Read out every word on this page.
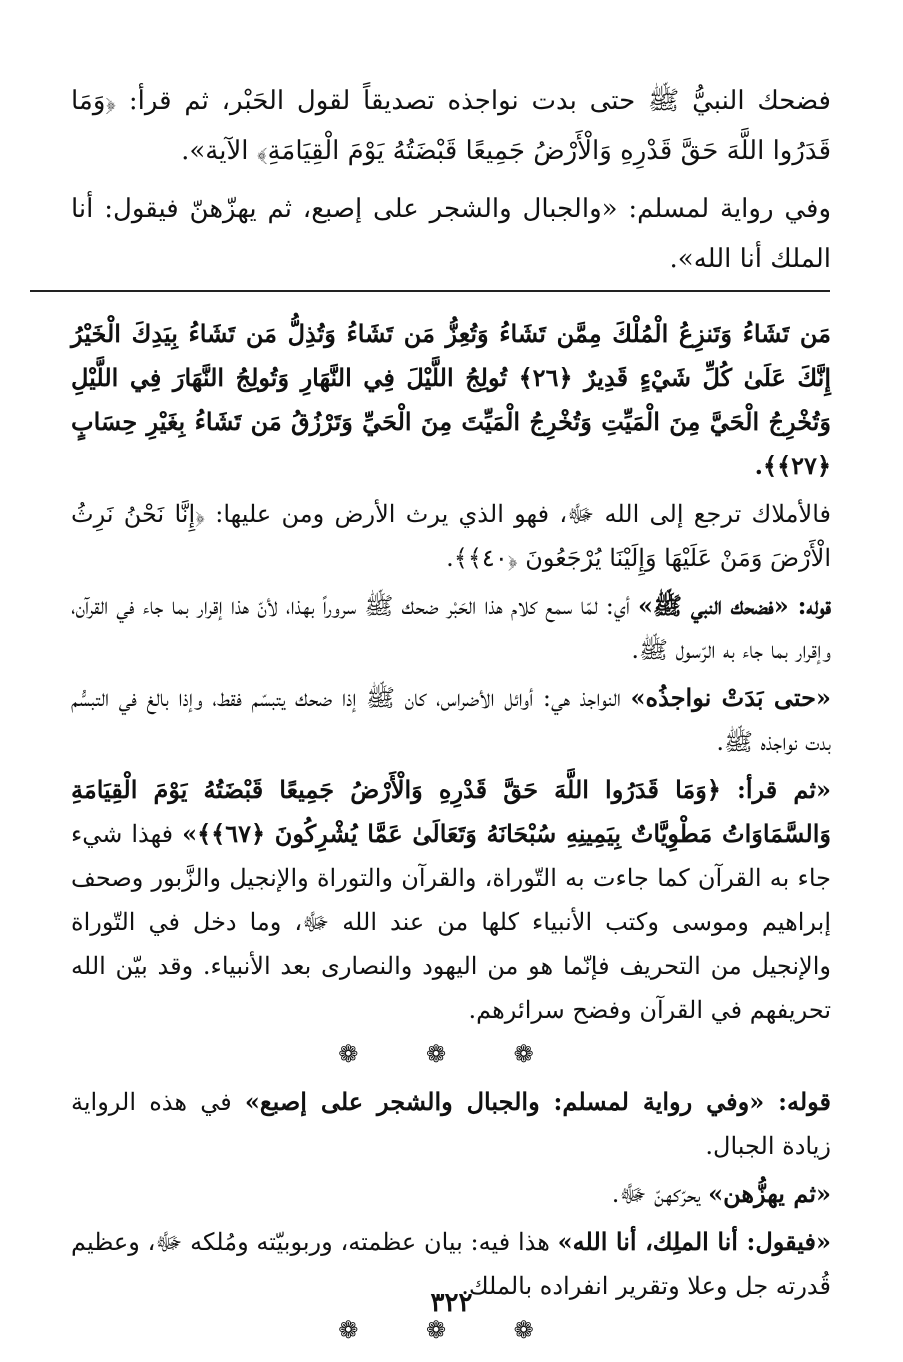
فضحك النبيُّ ﷺ حتى بدت نواجذه تصديقاً لقول الحَبْر، ثم قرأ: ﴿وَمَا قَدَرُوا اللَّهَ حَقَّ قَدْرِهِ وَالْأَرْضُ جَمِيعًا قَبْضَتُهُ يَوْمَ الْقِيَامَةِ﴾ الآية».

وفي رواية لمسلم: «والجبال والشجر على إصبع، ثم يهزّهنّ فيقول: أنا الملك أنا الله».

مَن تَشَاءُ وَتَنزِعُ الْمُلْكَ مِمَّن تَشَاءُ وَتُعِزُّ مَن تَشَاءُ وَتُذِلُّ مَن تَشَاءُ بِيَدِكَ الْخَيْرُ إِنَّكَ عَلَىٰ كُلِّ شَيْءٍ قَدِيرٌ ﴿٢٦﴾ تُولِجُ اللَّيْلَ فِي النَّهَارِ وَتُولِجُ النَّهَارَ فِي اللَّيْلِ وَتُخْرِجُ الْحَيَّ مِنَ الْمَيِّتِ وَتُخْرِجُ الْمَيِّتَ مِنَ الْحَيِّ وَتَرْزُقُ مَن تَشَاءُ بِغَيْرِ حِسَابٍ ﴿٢٧﴾﴾.

فالأملاك ترجع إلى الله ﷻ، فهو الذي يرث الأرض ومن عليها: ﴿إِنَّا نَحْنُ نَرِثُ الْأَرْضَ وَمَنْ عَلَيْهَا وَإِلَيْنَا يُرْجَعُونَ ﴿٤٠﴾﴾.

قوله: «فضحك النبي ﷺ» أي: لمّا سمع كلام هذا الحَبْر ضحك ﷺ سروراً بهذا، لأنّ هذا إقرار بما جاء في القرآن، وإقرار بما جاء به الرّسول ﷺ.

«حتى بَدَتْ نواجذُه» النواجذ هي: أوائل الأضراس، كان ﷺ إذا ضحك يتبسّم فقط، وإذا بالغ في التبسُّم بدت نواجذه ﷺ.

«ثم قرأ: ﴿وَمَا قَدَرُوا اللَّهَ حَقَّ قَدْرِهِ وَالْأَرْضُ جَمِيعًا قَبْضَتُهُ يَوْمَ الْقِيَامَةِ وَالسَّمَاوَاتُ مَطْوِيَّاتٌ بِيَمِينِهِ سُبْحَانَهُ وَتَعَالَىٰ عَمَّا يُشْرِكُونَ ﴿٦٧﴾﴾» فهذا شيء جاء به القرآن كما جاءت به التّوراة، والقرآن والتوراة والإنجيل والزَّبور وصحف إبراهيم وموسى وكتب الأنبياء كلها من عند الله ﷻ، وما دخل في التّوراة والإنجيل من التحريف فإنّما هو من اليهود والنصارى بعد الأنبياء. وقد بيّن الله تحريفهم في القرآن وفضح سرائرهم.

❁ ❁ ❁

قوله: «وفي رواية لمسلم: والجبال والشجر على إصبع» في هذه الرواية زيادة الجبال.

«ثم يهزُّهن» يحرّكهنّ ﷻ.

«فيقول: أنا الملِك، أنا الله» هذا فيه: بيان عظمته، وربوبيّته ومُلكه ﷻ، وعظيم قُدرته جل وعلا وتقرير انفراده بالملك.

❁ ❁ ❁
٣٢٢
